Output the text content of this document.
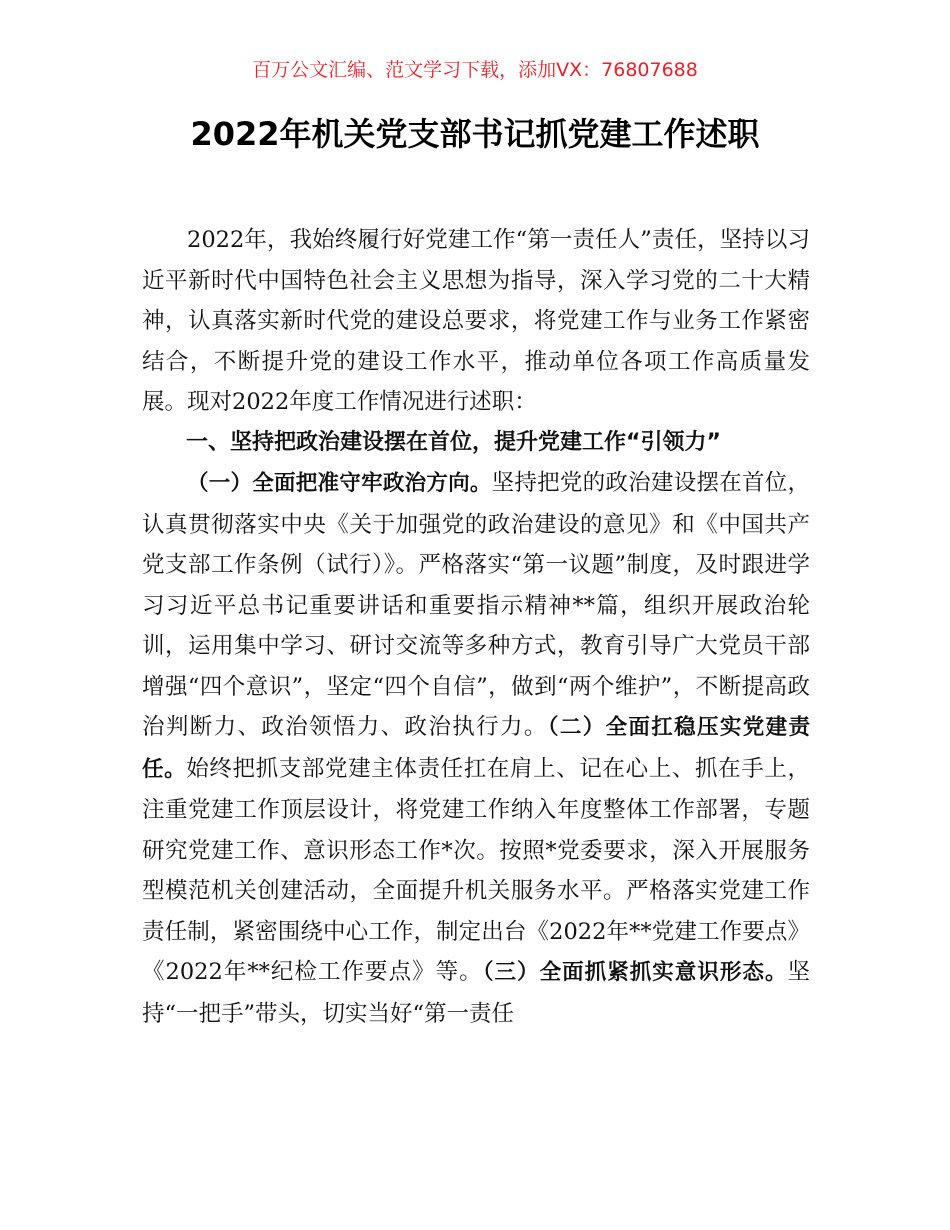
百万公文汇编、范文学习下载，添加VX：76807688

2022年机关党支部书记抓党建工作述职

2022年，我始终履行好党建工作“第一责任人”责任，坚持以习近平新时代中国特色社会主义思想为指导，深入学习党的二十大精神，认真落实新时代党的建设总要求，将党建工作与业务工作紧密结合，不断提升党的建设工作水平，推动单位各项工作高质量发展。现对2022年度工作情况进行述职：

一、坚持把政治建设摆在首位，提升党建工作“引领力”

（一）全面把准守牢政治方向。坚持把党的政治建设摆在首位，认真贯彻落实中央《关于加强党的政治建设的意见》和《中国共产党支部工作条例（试行）》。严格落实“第一议题”制度，及时跟进学习习近平总书记重要讲话和重要指示精神**篇，组织开展政治轮训，运用集中学习、研讨交流等多种方式，教育引导广大党员干部增强“四个意识”，坚定“四个自信”，做到“两个维护”，不断提高政治判断力、政治领悟力、政治执行力。（二）全面扛稳压实党建责任。始终把抓支部党建主体责任扛在肩上、记在心上、抓在手上，注重党建工作顶层设计，将党建工作纳入年度整体工作部署，专题研究党建工作、意识形态工作*次。按照*党委要求，深入开展服务型模范机关创建活动，全面提升机关服务水平。严格落实党建工作责任制，紧密围绕中心工作，制定出台《2022年**党建工作要点》《2022年**纪检工作要点》等。（三）全面抓紧抓实意识形态。坚持“一把手”带头，切实当好“第一责任
